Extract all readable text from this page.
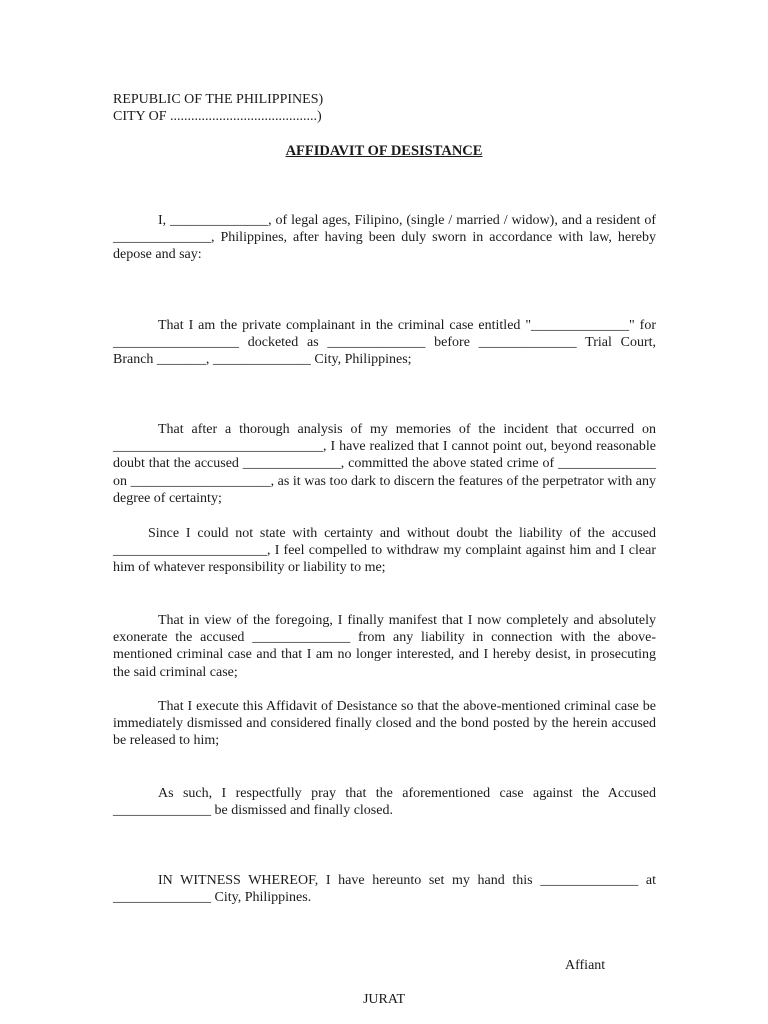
REPUBLIC OF THE PHILIPPINES)
CITY OF ..........................................)
AFFIDAVIT OF DESISTANCE
I, ______________, of legal ages, Filipino, (single / married / widow), and a resident of ______________, Philippines, after having been duly sworn in accordance with law, hereby depose and say:
That I am the private complainant in the criminal case entitled "______________" for __________________ docketed as ______________ before ______________ Trial Court, Branch _______, ______________ City, Philippines;
That after a thorough analysis of my memories of the incident that occurred on ______________________________, I have realized that I cannot point out, beyond reasonable doubt that the accused ______________, committed the above stated crime of ______________ on ____________________, as it was too dark to discern the features of the perpetrator with any degree of certainty;
Since I could not state with certainty and without doubt the liability of the accused ______________________, I feel compelled to withdraw my complaint against him and I clear him of whatever responsibility or liability to me;
That in view of the foregoing, I finally manifest that I now completely and absolutely exonerate the accused ______________ from any liability in connection with the above-mentioned criminal case and that I am no longer interested, and I hereby desist, in prosecuting the said criminal case;
That I execute this Affidavit of Desistance so that the above-mentioned criminal case be immediately dismissed and considered finally closed and the bond posted by the herein accused be released to him;
As such, I respectfully pray that the aforementioned case against the Accused ______________ be dismissed and finally closed.
IN WITNESS WHEREOF, I have hereunto set my hand this ______________ at ______________ City, Philippines.
Affiant
JURAT
